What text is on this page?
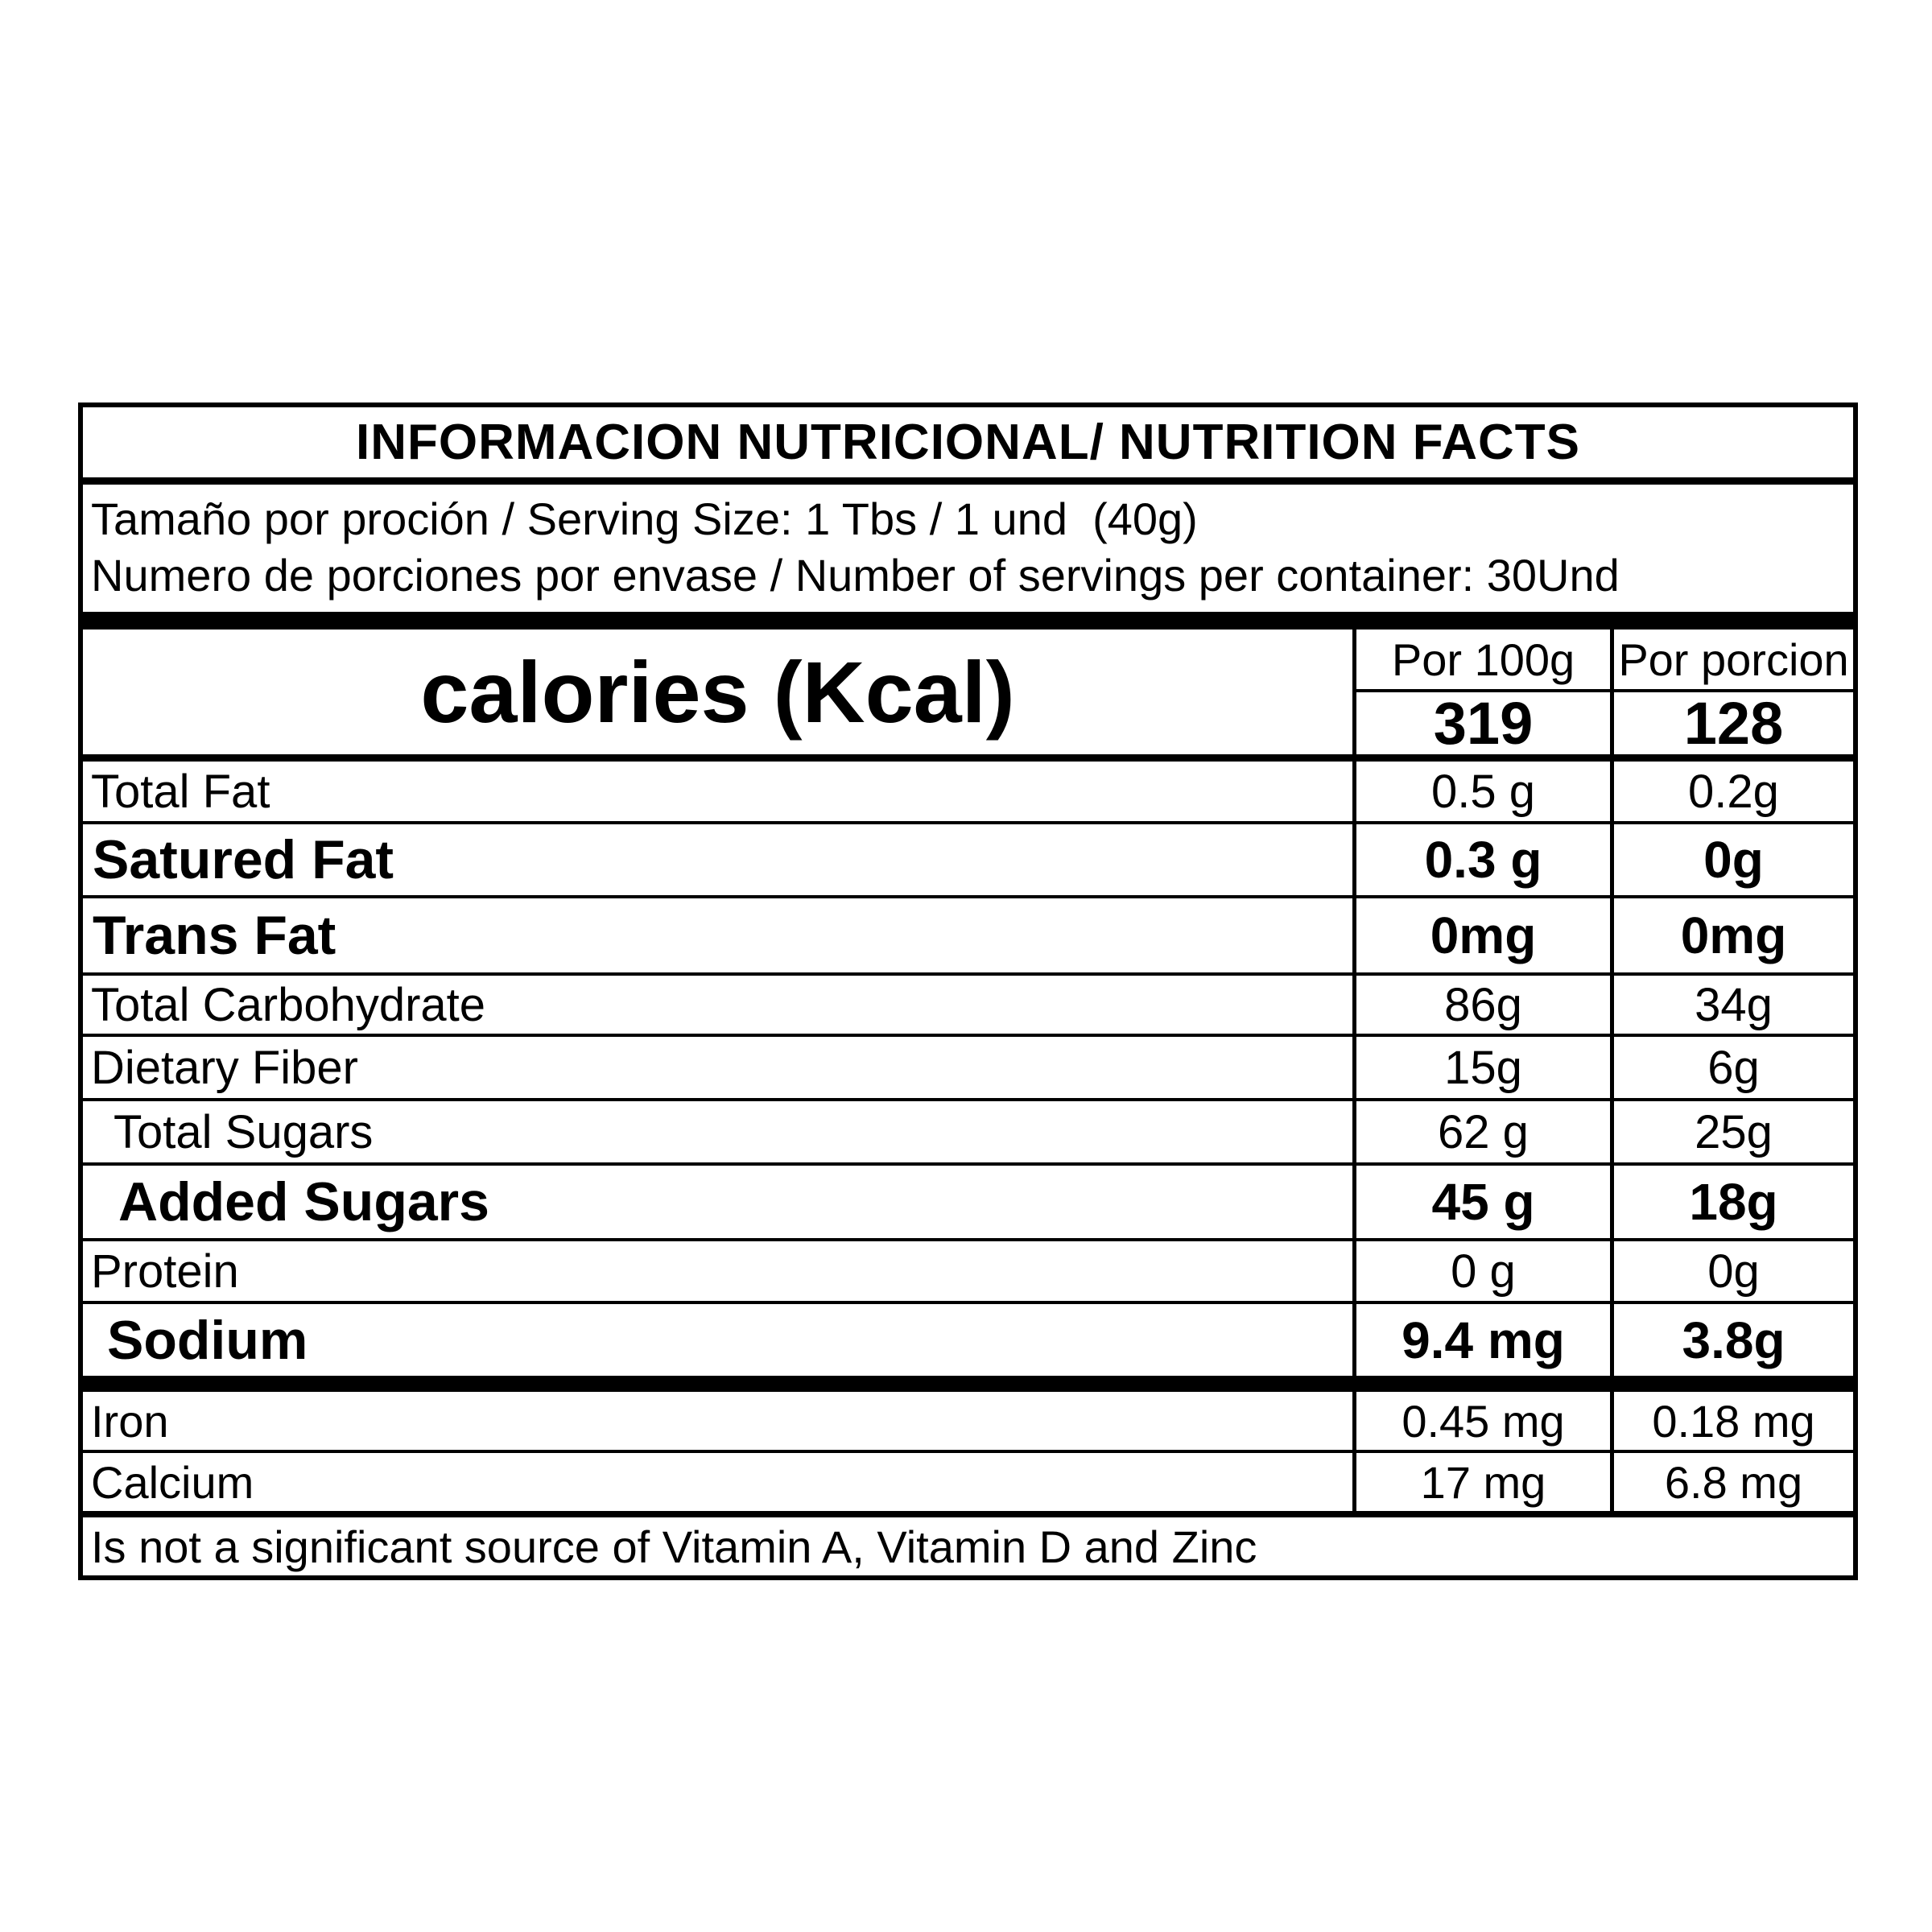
INFORMACION NUTRICIONAL/ NUTRITION FACTS
Tamaño por proción / Serving Size: 1 Tbs / 1 und  (40g)
Numero de porciones por envase / Number of servings per container: 30Und
calories (Kcal)	Por 100g Por porcion
319	128
Total Fat	0.5 g	0.2g
Satured Fat	0.3 g	0g
Trans Fat	0mg	0mg
Total Carbohydrate	86g	34g
Dietary Fiber	15g	6g
Total Sugars	62 g	25g
Added Sugars	45 g	18g
Protein	0 g	0g
Sodium	9.4 mg	3.8g
Iron	0.45 mg	0.18 mg
Calcium	17 mg	6.8 mg
Is not a significant source of Vitamin A, Vitamin D and Zinc
